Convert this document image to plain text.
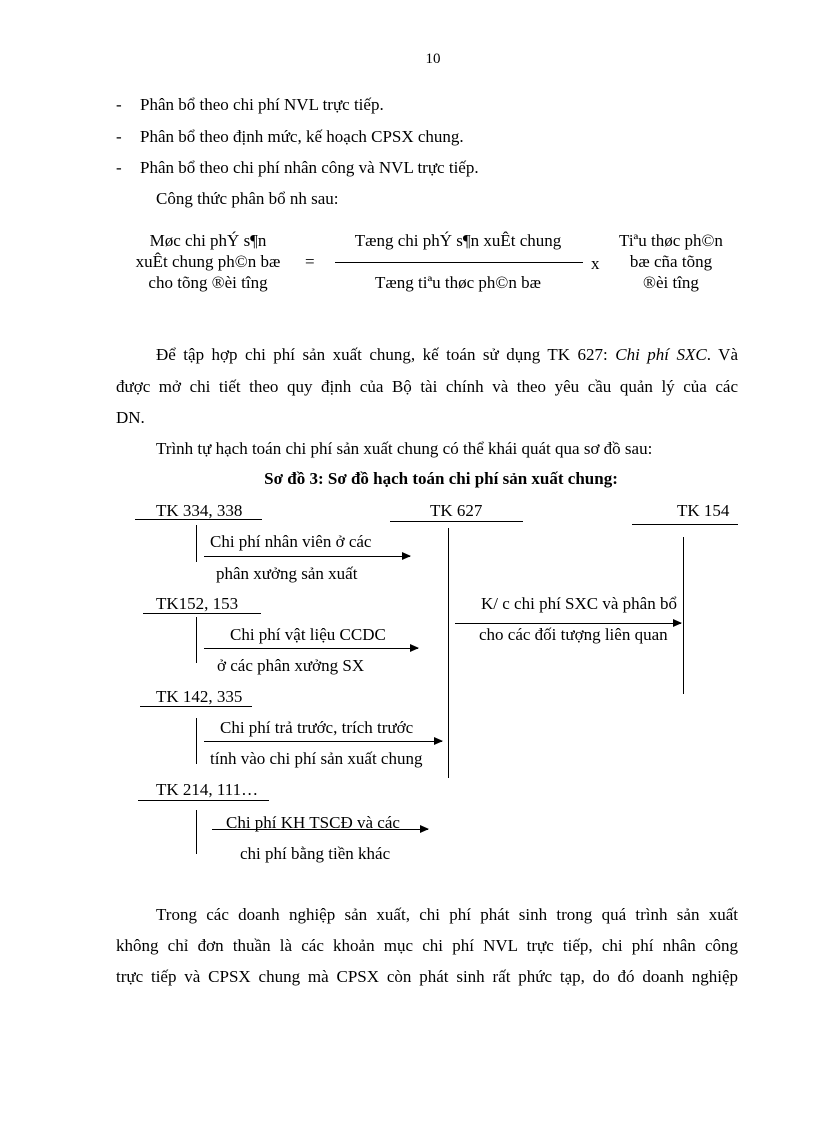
10
- Phân bổ theo chi phí NVL trực tiếp.
- Phân bổ theo định mức, kế hoạch CPSX chung.
- Phân bổ theo chi phí nhân công và NVL trực tiếp.
Công thức phân bổ nh sau:
Møc chi phÝ s¶n
xuÊt chung ph©n bæ
cho tõng ®èi tîng
=
Tæng chi phÝ s¶n xuÊt chung
Tæng tiªu thøc ph©n bæ
x
Tiªu thøc ph©n
bæ cña tõng
®èi tîng
Để tập hợp chi phí sản xuất chung, kế toán sử dụng TK 627: Chi phí SXC. Và
được mở chi tiết theo quy định của Bộ tài chính và theo yêu cầu quản lý của các
DN.
Trình tự hạch toán chi phí sản xuất chung có thể khái quát qua sơ đồ sau:
Sơ đồ 3: Sơ đồ hạch toán chi phí sản xuất chung:
TK 334, 338	TK 627	TK 154
Chi phí nhân viên ở các
phân xưởng sản xuất
TK152, 153
Chi phí vật liệu CCDC
ở các phân xưởng SX
K/ c chi phí SXC và phân bổ
cho các đối tượng liên quan
TK 142, 335
Chi phí trả trước, trích trước
tính vào chi phí sản xuất chung
TK 214, 111…
Chi phí KH TSCĐ và các
chi phí bằng tiền khác
Trong các doanh nghiệp sản xuất, chi phí phát sinh trong quá trình sản xuất
không chỉ đơn thuần là các khoản mục chi phí NVL trực tiếp, chi phí nhân công
trực tiếp và CPSX chung mà CPSX còn phát sinh rất phức tạp, do đó doanh nghiệp
